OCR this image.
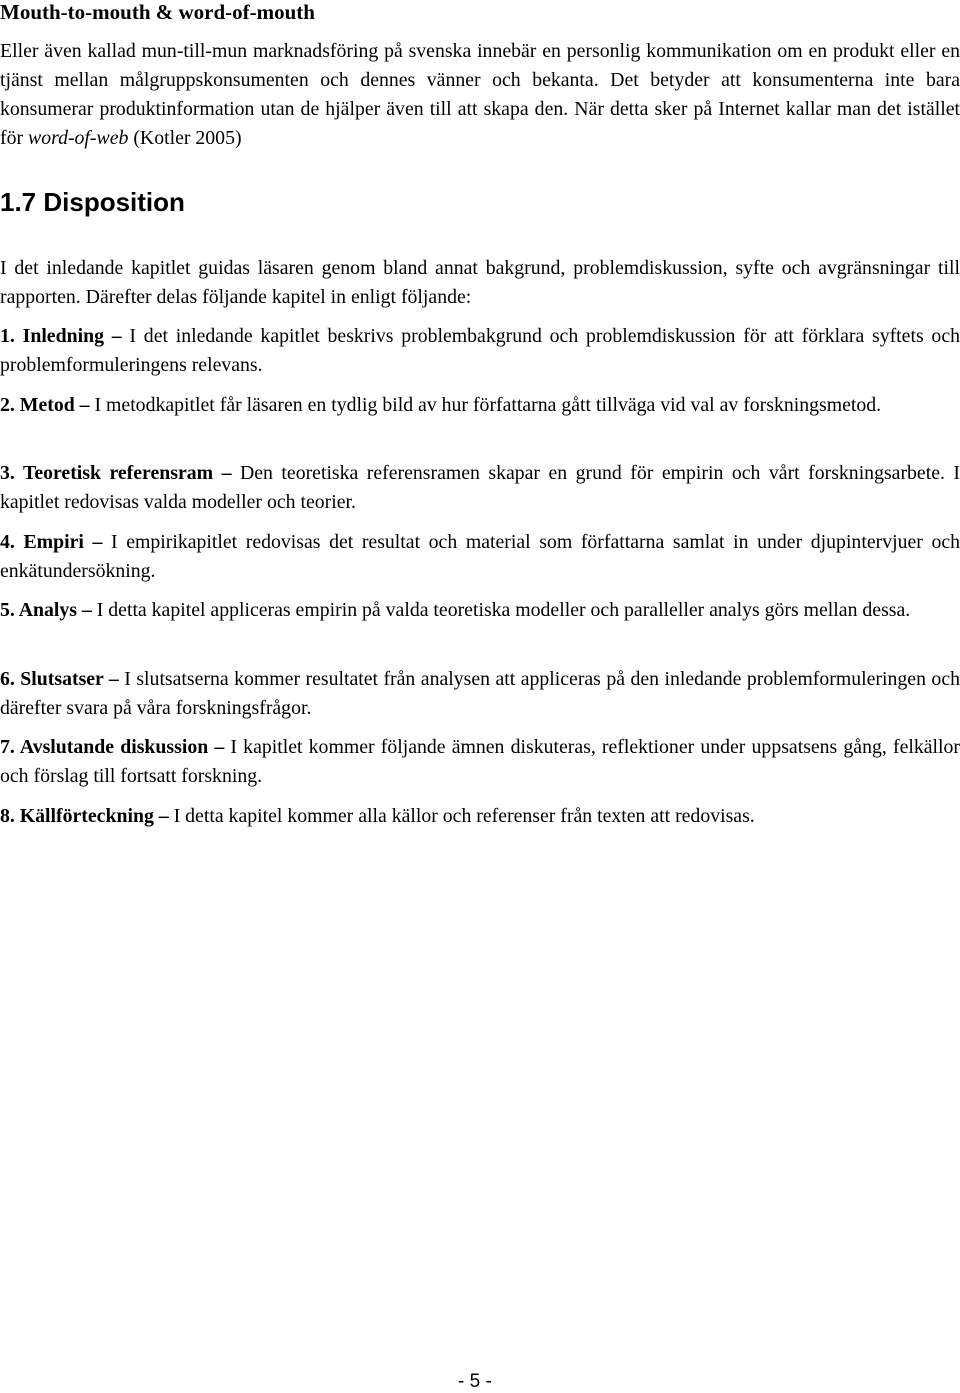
Mouth-to-mouth & word-of-mouth

Eller även kallad mun-till-mun marknadsföring på svenska innebär en personlig kommunikation om en produkt eller en tjänst mellan målgruppskonsumenten och dennes vänner och bekanta. Det betyder att konsumenterna inte bara konsumerar produktinformation utan de hjälper även till att skapa den. När detta sker på Internet kallar man det istället för word-of-web (Kotler 2005)

1.7 Disposition

I det inledande kapitlet guidas läsaren genom bland annat bakgrund, problemdiskussion, syfte och avgränsningar till rapporten. Därefter delas följande kapitel in enligt följande:

1. Inledning – I det inledande kapitlet beskrivs problembakgrund och problemdiskussion för att förklara syftets och problemformuleringens relevans.

2. Metod – I metodkapitlet får läsaren en tydlig bild av hur författarna gått tillväga vid val av forskningsmetod.

3. Teoretisk referensram – Den teoretiska referensramen skapar en grund för empirin och vårt forskningsarbete. I kapitlet redovisas valda modeller och teorier.

4. Empiri – I empirikapitlet redovisas det resultat och material som författarna samlat in under djupintervjuer och enkätundersökning.

5. Analys – I detta kapitel appliceras empirin på valda teoretiska modeller och paralleller analys görs mellan dessa.

6. Slutsatser – I slutsatserna kommer resultatet från analysen att appliceras på den inledande problemformuleringen och därefter svara på våra forskningsfrågor.

7. Avslutande diskussion – I kapitlet kommer följande ämnen diskuteras, reflektioner under uppsatsens gång, felkällor och förslag till fortsatt forskning.

8. Källförteckning – I detta kapitel kommer alla källor och referenser från texten att redovisas.

- 5 -
